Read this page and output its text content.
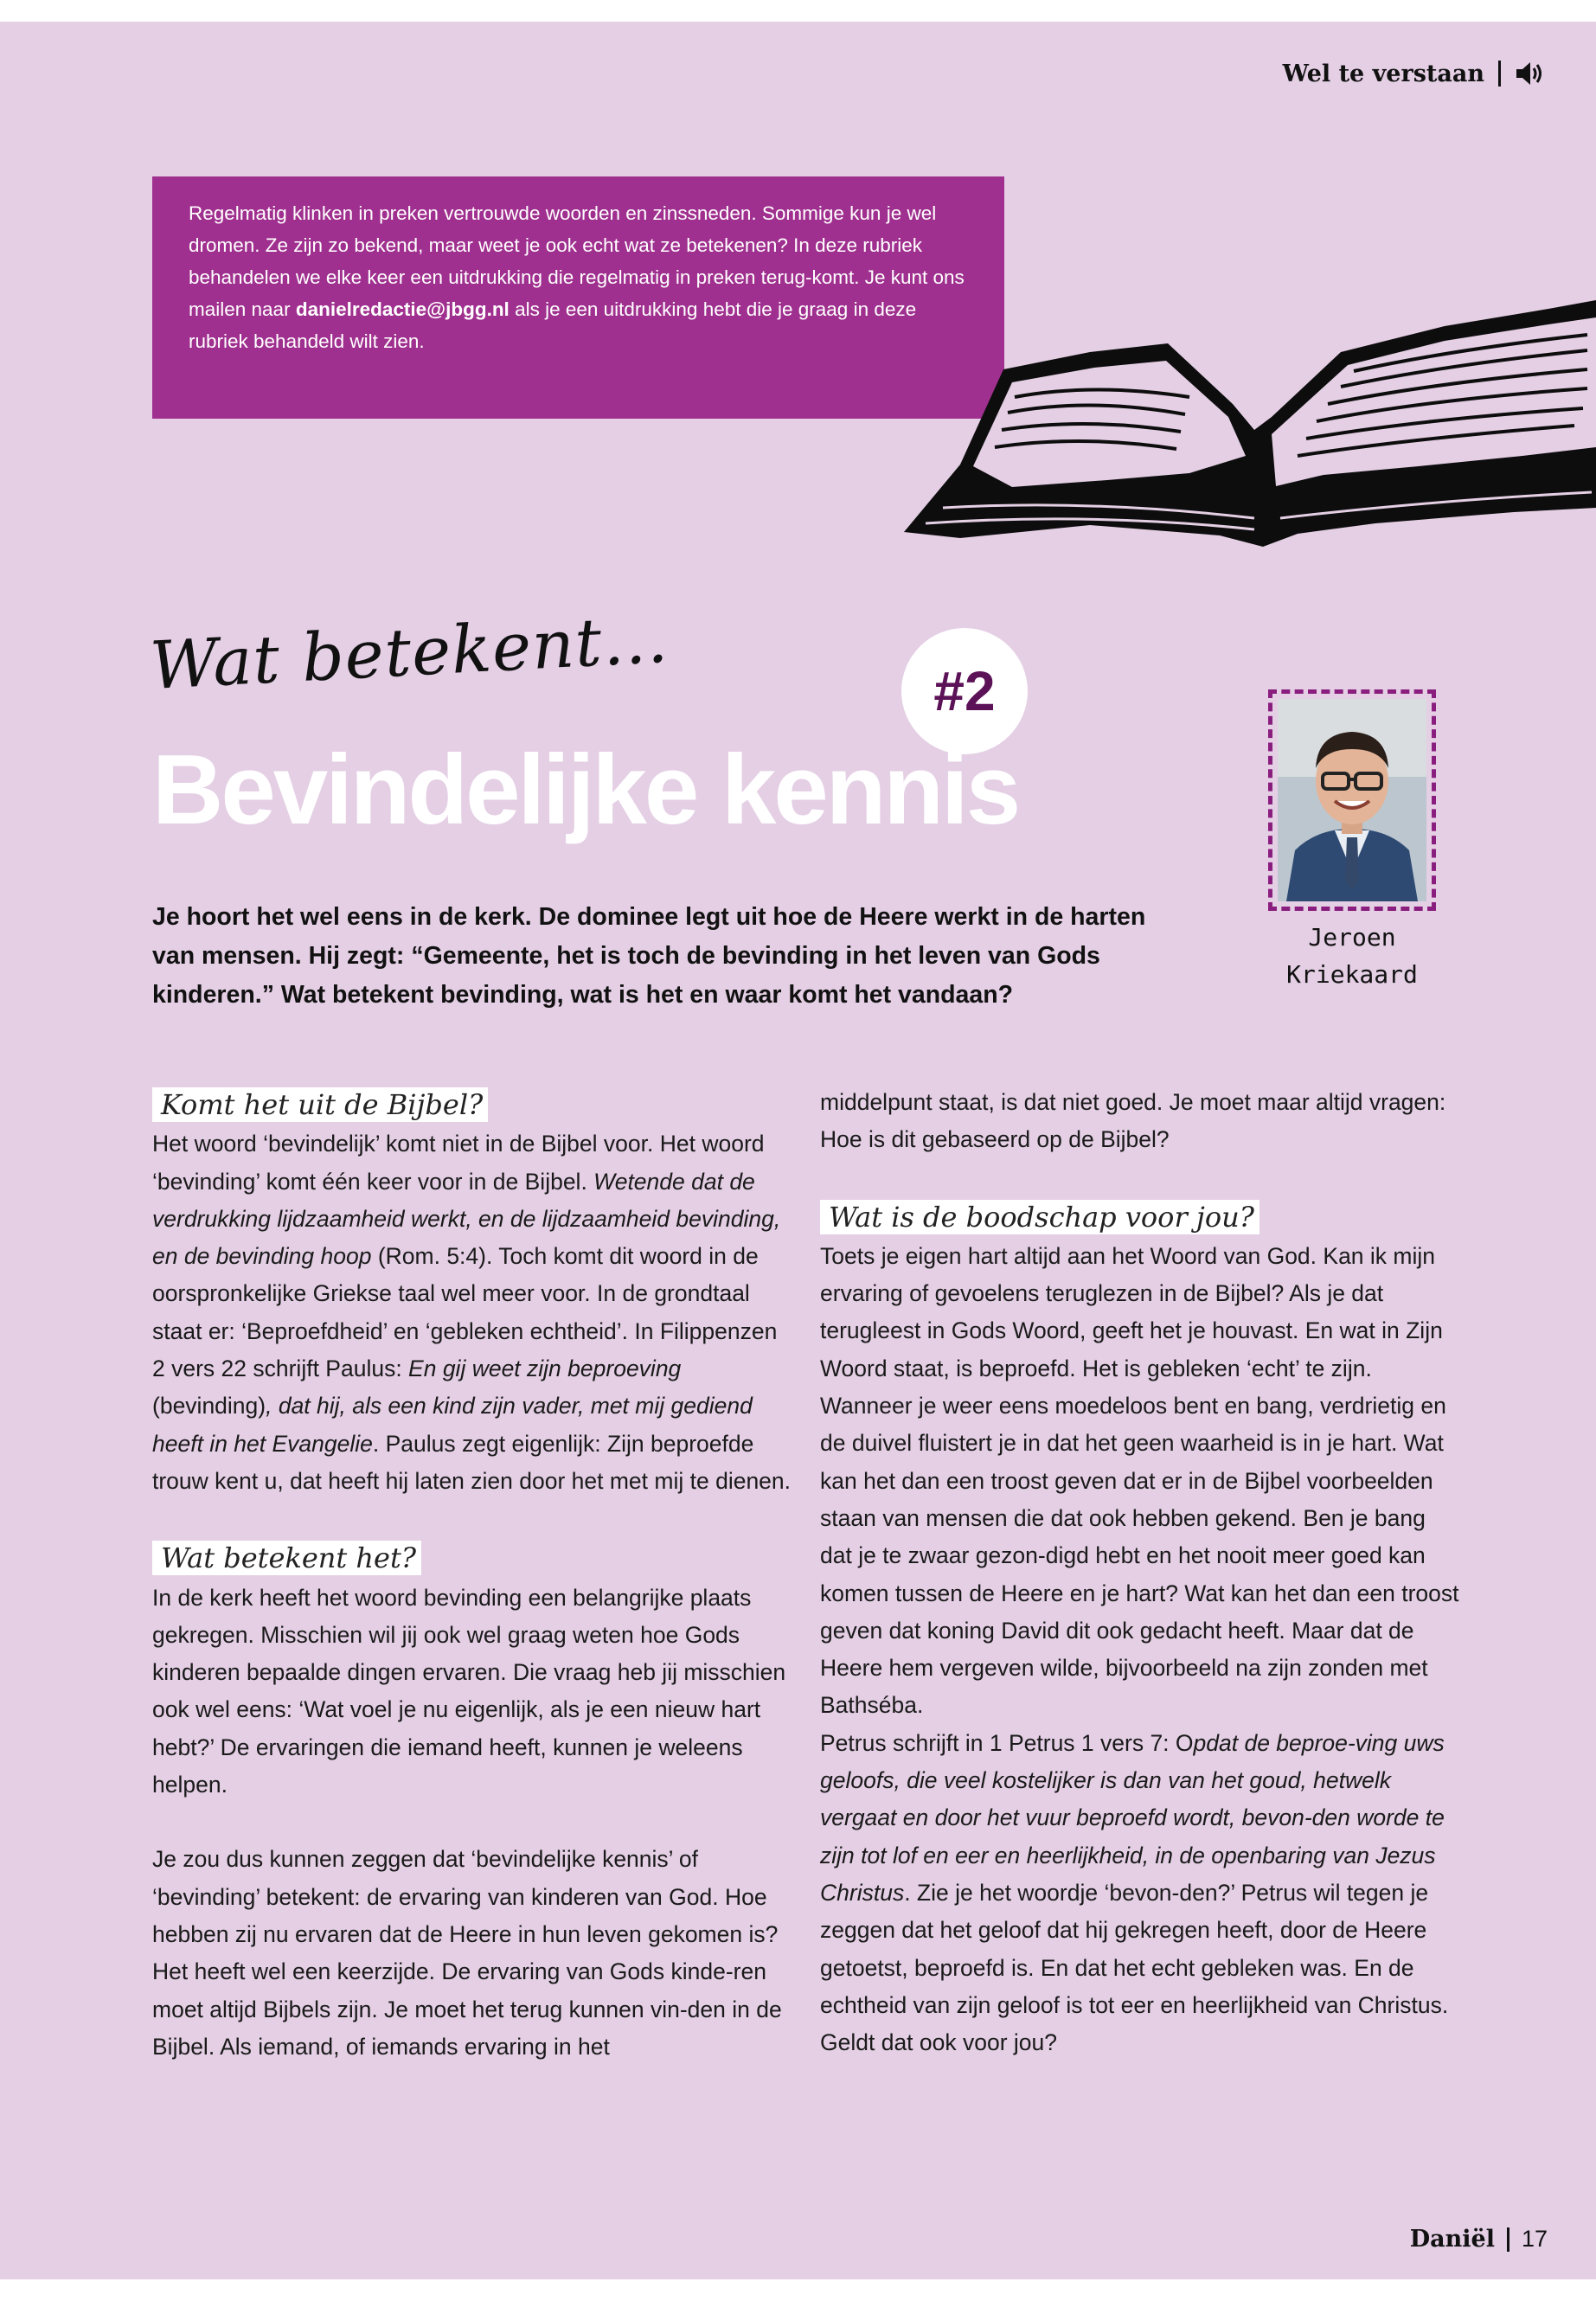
Wel te verstaan
Regelmatig klinken in preken vertrouwde woorden en zinssneden. Sommige kun je wel dromen. Ze zijn zo bekend, maar weet je ook echt wat ze betekenen? In deze rubriek behandelen we elke keer een uitdrukking die regelmatig in preken terug-komt. Je kunt ons mailen naar danielredactie@jbgg.nl als je een uitdrukking hebt die je graag in deze rubriek behandeld wilt zien.
Wat betekent…	#2
Bevindelijke kennis
Je hoort het wel eens in de kerk. De dominee legt uit hoe de Heere werkt in de harten van mensen. Hij zegt: “Gemeente, het is toch de bevinding in het leven van Gods kinderen.” Wat betekent bevinding, wat is het en waar komt het vandaan?
Jeroen
Kriekaard
Komt het uit de Bijbel?

Het woord ‘bevindelijk’ komt niet in de Bijbel voor. Het woord ‘bevinding’ komt één keer voor in de Bijbel. Wetende dat de verdrukking lijdzaamheid werkt, en de lijdzaamheid bevinding, en de bevinding hoop (Rom. 5:4). Toch komt dit woord in de oorspronkelijke Griekse taal wel meer voor. In de grondtaal staat er: ‘Beproefdheid’ en ‘gebleken echtheid’. In Filippenzen 2 vers 22 schrijft Paulus: En gij weet zijn beproeving (bevinding), dat hij, als een kind zijn vader, met mij gediend heeft in het Evangelie. Paulus zegt eigenlijk: Zijn beproefde trouw kent u, dat heeft hij laten zien door het met mij te dienen.

Wat betekent het?

In de kerk heeft het woord bevinding een belangrijke plaats gekregen. Misschien wil jij ook wel graag weten hoe Gods kinderen bepaalde dingen ervaren. Die vraag heb jij misschien ook wel eens: ‘Wat voel je nu eigenlijk, als je een nieuw hart hebt?’ De ervaringen die iemand heeft, kunnen je weleens helpen.

Je zou dus kunnen zeggen dat ‘bevindelijke kennis’ of ‘bevinding’ betekent: de ervaring van kinderen van God. Hoe hebben zij nu ervaren dat de Heere in hun leven gekomen is?

Het heeft wel een keerzijde. De ervaring van Gods kinde-ren moet altijd Bijbels zijn. Je moet het terug kunnen vin-den in de Bijbel. Als iemand, of iemands ervaring in het

middelpunt staat, is dat niet goed. Je moet maar altijd vragen: Hoe is dit gebaseerd op de Bijbel?

Wat is de boodschap voor jou?

Toets je eigen hart altijd aan het Woord van God. Kan ik mijn ervaring of gevoelens teruglezen in de Bijbel? Als je dat terugleest in Gods Woord, geeft het je houvast. En wat in Zijn Woord staat, is beproefd. Het is gebleken ‘echt’ te zijn. Wanneer je weer eens moedeloos bent en bang, verdrietig en de duivel fluistert je in dat het geen waarheid is in je hart. Wat kan het dan een troost geven dat er in de Bijbel voorbeelden staan van mensen die dat ook hebben gekend. Ben je bang dat je te zwaar gezon-digd hebt en het nooit meer goed kan komen tussen de Heere en je hart? Wat kan het dan een troost geven dat koning David dit ook gedacht heeft. Maar dat de Heere hem vergeven wilde, bijvoorbeeld na zijn zonden met Bathséba.

Petrus schrijft in 1 Petrus 1 vers 7: Opdat de beproe-ving uws geloofs, die veel kostelijker is dan van het goud, hetwelk vergaat en door het vuur beproefd wordt, bevon-den worde te zijn tot lof en eer en heerlijkheid, in de openbaring van Jezus Christus. Zie je het woordje ‘bevon-den?’ Petrus wil tegen je zeggen dat het geloof dat hij gekregen heeft, door de Heere getoetst, beproefd is. En dat het echt gebleken was. En de echtheid van zijn geloof is tot eer en heerlijkheid van Christus. Geldt dat ook voor jou?

Daniël 17
